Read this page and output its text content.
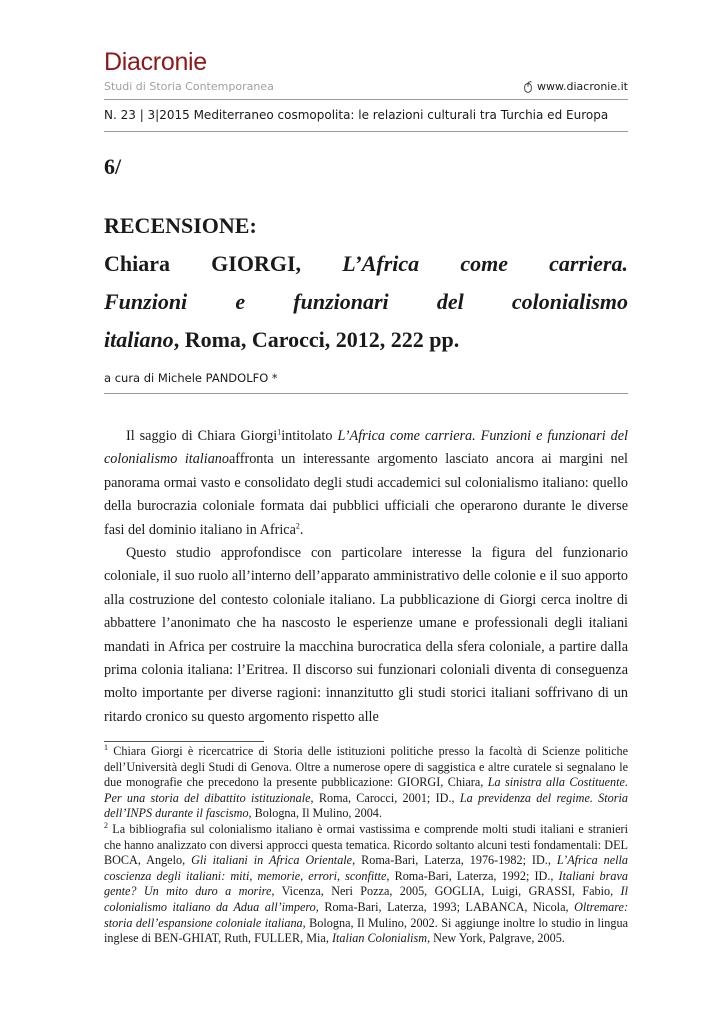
Diacronie
Studi di Storia Contemporanea	www.diacronie.it
N. 23 | 3|2015 Mediterraneo cosmopolita: le relazioni culturali tra Turchia ed Europa
6/
RECENSIONE:
Chiara GIORGI, L’Africa come carriera.
Funzioni e funzionari del colonialismo
italiano, Roma, Carocci, 2012, 222 pp.
a cura di Michele PANDOLFO *

Il saggio di Chiara Giorgi$^1$intitolato L’Africa come carriera. Funzioni e funzionari del colonialismo italianoaffronta un interessante argomento lasciato ancora ai margini nel panorama ormai vasto e consolidato degli studi accademici sul colonialismo italiano: quello della burocrazia coloniale formata dai pubblici ufficiali che operarono durante le diverse fasi del dominio italiano in Africa$^2$.

Questo studio approfondisce con particolare interesse la figura del funzionario coloniale, il suo ruolo all’interno dell’apparato amministrativo delle colonie e il suo apporto alla costruzione del contesto coloniale italiano. La pubblicazione di Giorgi cerca inoltre di abbattere l’anonimato che ha nascosto le esperienze umane e professionali degli italiani mandati in Africa per costruire la macchina burocratica della sfera coloniale, a partire dalla prima colonia italiana: l’Eritrea. Il discorso sui funzionari coloniali diventa di conseguenza molto importante per diverse ragioni: innanzitutto gli studi storici italiani soffrivano di un ritardo cronico su questo argomento rispetto alle

$^1$ Chiara Giorgi è ricercatrice di Storia delle istituzioni politiche presso la facoltà di Scienze politiche dell’Università degli Studi di Genova. Oltre a numerose opere di saggistica e altre curatele si segnalano le due monografie che precedono la presente pubblicazione: GIORGI, Chiara, La sinistra alla Costituente. Per una storia del dibattito istituzionale, Roma, Carocci, 2001; ID., La previdenza del regime. Storia dell’INPS durante il fascismo, Bologna, Il Mulino, 2004.

$^2$ La bibliografia sul colonialismo italiano è ormai vastissima e comprende molti studi italiani e stranieri che hanno analizzato con diversi approcci questa tematica. Ricordo soltanto alcuni testi fondamentali: DEL BOCA, Angelo, Gli italiani in Africa Orientale, Roma-Bari, Laterza, 1976-1982; ID., L’Africa nella coscienza degli italiani: miti, memorie, errori, sconfitte, Roma-Bari, Laterza, 1992; ID., Italiani brava gente? Un mito duro a morire, Vicenza, Neri Pozza, 2005, GOGLIA, Luigi, GRASSI, Fabio, Il colonialismo italiano da Adua all’impero, Roma-Bari, Laterza, 1993; LABANCA, Nicola, Oltremare: storia dell’espansione coloniale italiana, Bologna, Il Mulino, 2002. Si aggiunge inoltre lo studio in lingua inglese di BEN-GHIAT, Ruth, FULLER, Mia, Italian Colonialism, New York, Palgrave, 2005.
